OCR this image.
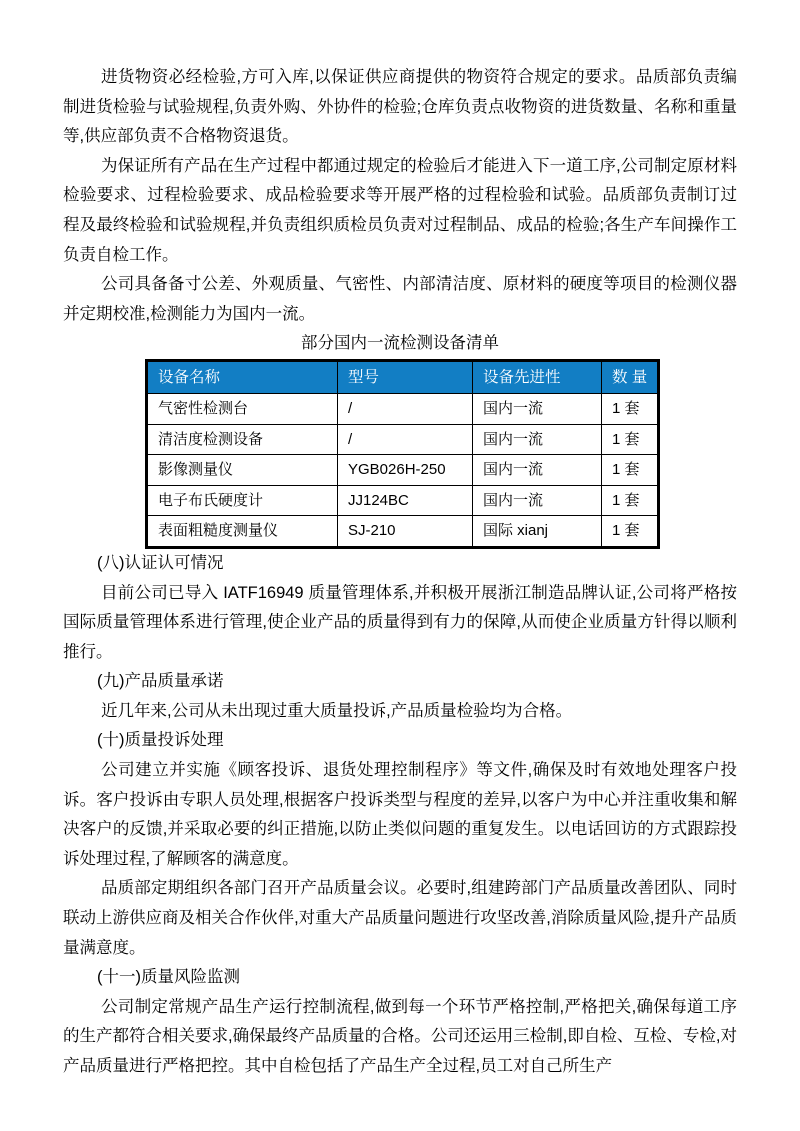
进货物资必经检验,方可入库,以保证供应商提供的物资符合规定的要求。品质部负责编制进货检验与试验规程,负责外购、外协件的检验;仓库负责点收物资的进货数量、名称和重量等,供应部负责不合格物资退货。

为保证所有产品在生产过程中都通过规定的检验后才能进入下一道工序,公司制定原材料检验要求、过程检验要求、成品检验要求等开展严格的过程检验和试验。品质部负责制订过程及最终检验和试验规程,并负责组织质检员负责对过程制品、成品的检验;各生产车间操作工负责自检工作。

公司具备备寸公差、外观质量、气密性、内部清洁度、原材料的硬度等项目的检测仪器并定期校准,检测能力为国内一流。

部分国内一流检测设备清单

设备名称	型号	设备先进性	数 量
气密性检测台	/	国内一流	1 套
清洁度检测设备	/	国内一流	1 套
影像测量仪	YGB026H-250	国内一流	1 套
电子布氏硬度计	JJ124BC	国内一流	1 套
表面粗糙度测量仪	SJ-210	国际 xianj	1 套

(八)认证认可情况

目前公司已导入 IATF16949 质量管理体系,并积极开展浙江制造品牌认证,公司将严格按国际质量管理体系进行管理,使企业产品的质量得到有力的保障,从而使企业质量方针得以顺利推行。

(九)产品质量承诺

近几年来,公司从未出现过重大质量投诉,产品质量检验均为合格。

(十)质量投诉处理

公司建立并实施《顾客投诉、退货处理控制程序》等文件,确保及时有效地处理客户投诉。客户投诉由专职人员处理,根据客户投诉类型与程度的差异,以客户为中心并注重收集和解决客户的反馈,并采取必要的纠正措施,以防止类似问题的重复发生。以电话回访的方式跟踪投诉处理过程,了解顾客的满意度。

品质部定期组织各部门召开产品质量会议。必要时,组建跨部门产品质量改善团队、同时联动上游供应商及相关合作伙伴,对重大产品质量问题进行攻坚改善,消除质量风险,提升产品质量满意度。

(十一)质量风险监测

公司制定常规产品生产运行控制流程,做到每一个环节严格控制,严格把关,确保每道工序的生产都符合相关要求,确保最终产品质量的合格。公司还运用三检制,即自检、互检、专检,对产品质量进行严格把控。其中自检包括了产品生产全过程,员工对自己所生产
